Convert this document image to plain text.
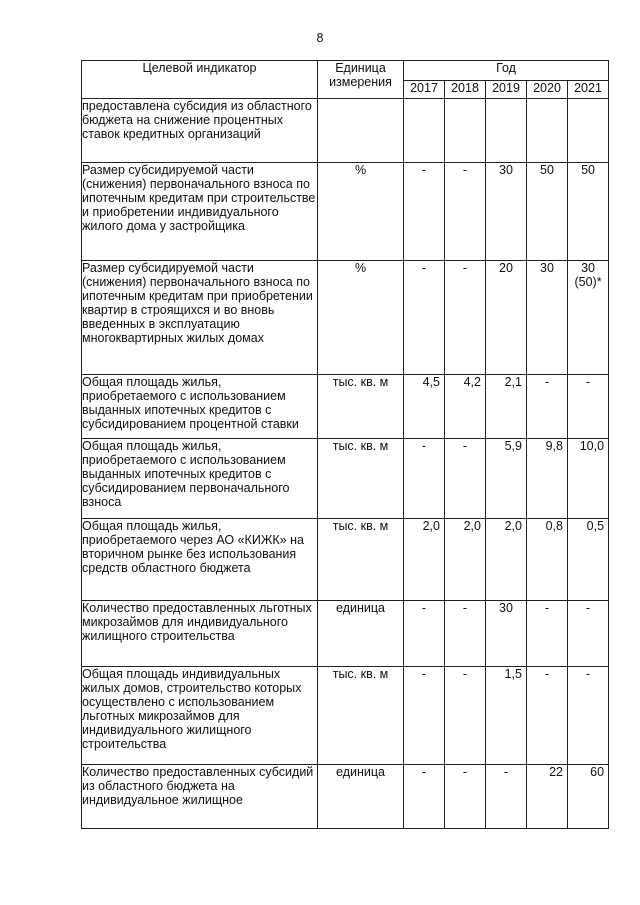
8
Целевой индикатор	Единица измерения	Год				
		2017	2018	2019	2020	2021
предоставлена субсидия из областного бюджета на снижение процентных ставок кредитных организаций						
Размер субсидируемой части (снижения) первоначального взноса по ипотечным кредитам при строительстве и приобретении индивидуального жилого дома у застройщика	%	-	-	30	50	50
Размер субсидируемой части (снижения) первоначального взноса по ипотечным кредитам при приобретении квартир в строящихся и во вновь введенных в эксплуатацию многоквартирных жилых домах	%	-	-	20	30	30 (50)*
Общая площадь жилья, приобретаемого с использованием выданных ипотечных кредитов с субсидированием процентной ставки	тыс. кв. м	4,5	4,2	2,1	-	-
Общая площадь жилья, приобретаемого с использованием выданных ипотечных кредитов с субсидированием первоначального взноса	тыс. кв. м	-	-	5,9	9,8	10,0
Общая площадь жилья, приобретаемого через АО «КИЖК» на вторичном рынке без использования средств областного бюджета	тыс. кв. м	2,0	2,0	2,0	0,8	0,5
Количество предоставленных льготных микрозаймов для индивидуального жилищного строительства	единица	-	-	30	-	-
Общая площадь индивидуальных жилых домов, строительство которых осуществлено с использованием льготных микрозаймов для индивидуального жилищного строительства	тыс. кв. м	-	-	1,5	-	-
Количество предоставленных субсидий из областного бюджета на индивидуальное жилищное	единица	-	-	-	22	60
